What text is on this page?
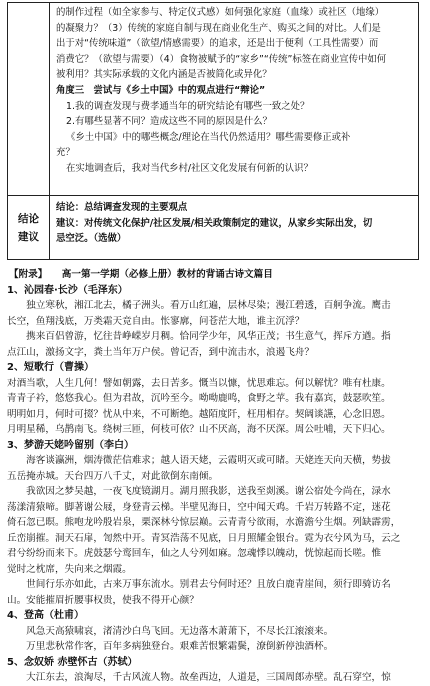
结论建议
的制作过程（如全家参与、特定仪式感）如何强化家庭（血缘）或社区（地缘）
的凝聚力？（3）传统的家庭自制与现在商业化生产、购买之间的对比。人们是
出于对“传统味道”（欲望/情感需要）的追求，还是出于便利（工具性需要）而
消费它？（欲望与需要）（4）食物被赋予的“家乡”“传统”标签在商业宣传中如何
被利用？其实际承载的文化内涵是否被简化或异化？
角度三　尝试与《乡土中国》中的观点进行“辩论”
1.我的调查发现与费孝通当年的研究结论有哪些一致之处？
2.有哪些显著不同？造成这些不同的原因是什么？
《乡土中国》中的哪些概念/理论在当代仍然适用？哪些需要修正或补
充？
在实地调查后，我对当代乡村/社区文化发展有何新的认识？
结论：总结调查发现的主要观点
建议：对传统文化保护/社区发展/相关政策制定的建议，从家乡实际出发，切
忌空泛。（选做）
【附录】　　高一第一学期（必修上册）教材的背诵古诗文篇目
1、沁园春·长沙（毛泽东）
　　独立寒秋，湘江北去，橘子洲头。看万山红遍，层林尽染；漫江碧透，百舸争流。鹰击
长空，鱼翔浅底，万类霜天竞自由。怅寥廓，问苍茫大地，谁主沉浮？
　　携来百侣曾游，忆往昔峥嵘岁月稠。恰同学少年，风华正茂；书生意气，挥斥方遒。指
点江山，激扬文字，粪土当年万户侯。曾记否，到中流击水，浪遏飞舟？
2、短歌行（曹操）
对酒当歌，人生几何！譬如朝露，去日苦多。慨当以慷，忧思难忘。何以解忧？唯有杜康。
青青子衿，悠悠我心。但为君故，沉吟至今。呦呦鹿鸣，食野之苹。我有嘉宾，鼓瑟吹笙。
明明如月，何时可掇？忧从中来，不可断绝。越陌度阡，枉用相存。契阔谈讌，心念旧恩。
月明星稀，乌鹊南飞。绕树三匝，何枝可依？山不厌高，海不厌深。周公吐哺，天下归心。
3、梦游天姥吟留别（李白）
　　海客谈瀛洲，烟涛微茫信难求；越人语天姥，云霞明灭或可睹。天姥连天向天横，势拔
五岳掩赤城。天台四万八千丈，对此欲倒东南倾。
　　我欲因之梦吴越，一夜飞度镜湖月。湖月照我影，送我至剡溪。谢公宿处今尚在，渌水
荡漾清猿啼。脚著谢公屐，身登青云梯。半壁见海日，空中闻天鸡。千岩万转路不定，迷花
倚石忽已暝。熊咆龙吟殷岩泉，栗深林兮惊层巅。云青青兮欲雨，水澹澹兮生烟。列缺霹雳，
丘峦崩摧。洞天石扉，訇然中开。青冥浩荡不见底，日月照耀金银台。霓为衣兮风为马，云之
君兮纷纷而来下。虎鼓瑟兮鸾回车，仙之人兮列如麻。忽魂悸以魄动，恍惊起而长嗟。惟
觉时之枕席，失向来之烟霞。
　　世间行乐亦如此，古来万事东流水。别君去兮何时还？且放白鹿青崖间，须行即骑访名
山。安能摧眉折腰事权贵，使我不得开心颜？
4、登高（杜甫）
　　风急天高猿啸哀，渚清沙白鸟飞回。无边落木萧萧下，不尽长江滚滚来。
　　万里悲秋常作客，百年多病独登台。艰难苦恨繁霜鬓，潦倒新停浊酒杯。
5、念奴娇 赤壁怀古（苏轼）
　　大江东去，浪淘尽，千古风流人物。故垒西边，人道是，三国周郎赤壁。乱石穿空，惊
